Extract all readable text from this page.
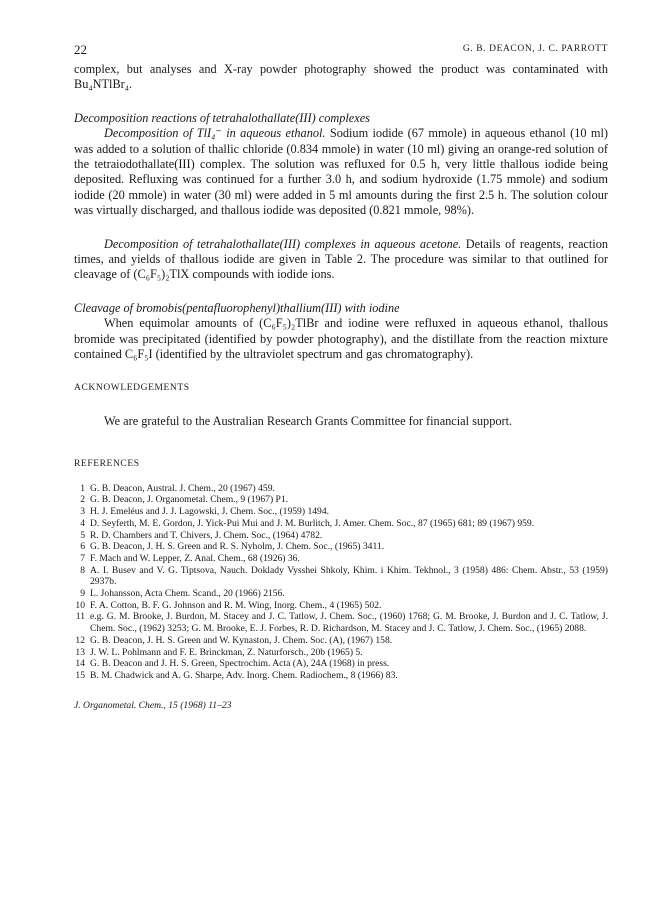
22	G. B. DEACON, J. C. PARROTT

complex, but analyses and X-ray powder photography showed the product was contaminated with Bu₄NTlBr₄.

Decomposition reactions of tetrahalothallate(III) complexes

Decomposition of TlI₄⁻ in aqueous ethanol. Sodium iodide (67 mmole) in aqueous ethanol (10 ml) was added to a solution of thallic chloride (0.834 mmole) in water (10 ml) giving an orange-red solution of the tetraiodothallate(III) complex. The solution was refluxed for 0.5 h, very little thallous iodide being deposited. Refluxing was continued for a further 3.0 h, and sodium hydroxide (1.75 mmole) and sodium iodide (20 mmole) in water (30 ml) were added in 5 ml amounts during the first 2.5 h. The solution colour was virtually discharged, and thallous iodide was deposited (0.821 mmole, 98%).

Decomposition of tetrahalothallate(III) complexes in aqueous acetone. Details of reagents, reaction times, and yields of thallous iodide are given in Table 2. The procedure was similar to that outlined for cleavage of (C₆F₅)₂TlX compounds with iodide ions.

Cleavage of bromobis(pentafluorophenyl)thallium(III) with iodine

When equimolar amounts of (C₆F₅)₂TlBr and iodine were refluxed in aqueous ethanol, thallous bromide was precipitated (identified by powder photography), and the distillate from the reaction mixture contained C₆F₅I (identified by the ultraviolet spectrum and gas chromatography).

ACKNOWLEDGEMENTS

We are grateful to the Australian Research Grants Committee for financial support.

REFERENCES

1 G. B. Deacon, Austral. J. Chem., 20 (1967) 459.
2 G. B. Deacon, J. Organometal. Chem., 9 (1967) P1.
3 H. J. Emeléus and J. J. Lagowski, J. Chem. Soc., (1959) 1494.
4 D. Seyferth, M. E. Gordon, J. Yick-Pui Mui and J. M. Burlitch, J. Amer. Chem. Soc., 87 (1965) 681; 89 (1967) 959.
5 R. D. Chambers and T. Chivers, J. Chem. Soc., (1964) 4782.
6 G. B. Deacon, J. H. S. Green and R. S. Nyholm, J. Chem. Soc., (1965) 3411.
7 F. Mach and W. Lepper, Z. Anal. Chem., 68 (1926) 36.
8 A. I. Busev and V. G. Tiptsova, Nauch. Doklady Vysshei Shkoly, Khim. i Khim. Tekhnol., 3 (1958) 486: Chem. Abstr., 53 (1959) 2937b.
9 L. Johansson, Acta Chem. Scand., 20 (1966) 2156.
10 F. A. Cotton, B. F. G. Johnson and R. M. Wing, Inorg. Chem., 4 (1965) 502.
11 e.g. G. M. Brooke, J. Burdon, M. Stacey and J. C. Tatlow, J. Chem. Soc., (1960) 1768; G. M. Brooke, J. Burdon and J. C. Tatlow, J. Chem. Soc., (1962) 3253; G. M. Brooke, E. J. Forbes, R. D. Richardson, M. Stacey and J. C. Tatlow, J. Chem. Soc., (1965) 2088.
12 G. B. Deacon, J. H. S. Green and W. Kynaston, J. Chem. Soc. (A), (1967) 158.
13 J. W. L. Pohlmann and F. E. Brinckman, Z. Naturforsch., 20b (1965) 5.
14 G. B. Deacon and J. H. S. Green, Spectrochim. Acta (A), 24A (1968) in press.
15 B. M. Chadwick and A. G. Sharpe, Adv. Inorg. Chem. Radiochem., 8 (1966) 83.

J. Organometal. Chem., 15 (1968) 11–23
